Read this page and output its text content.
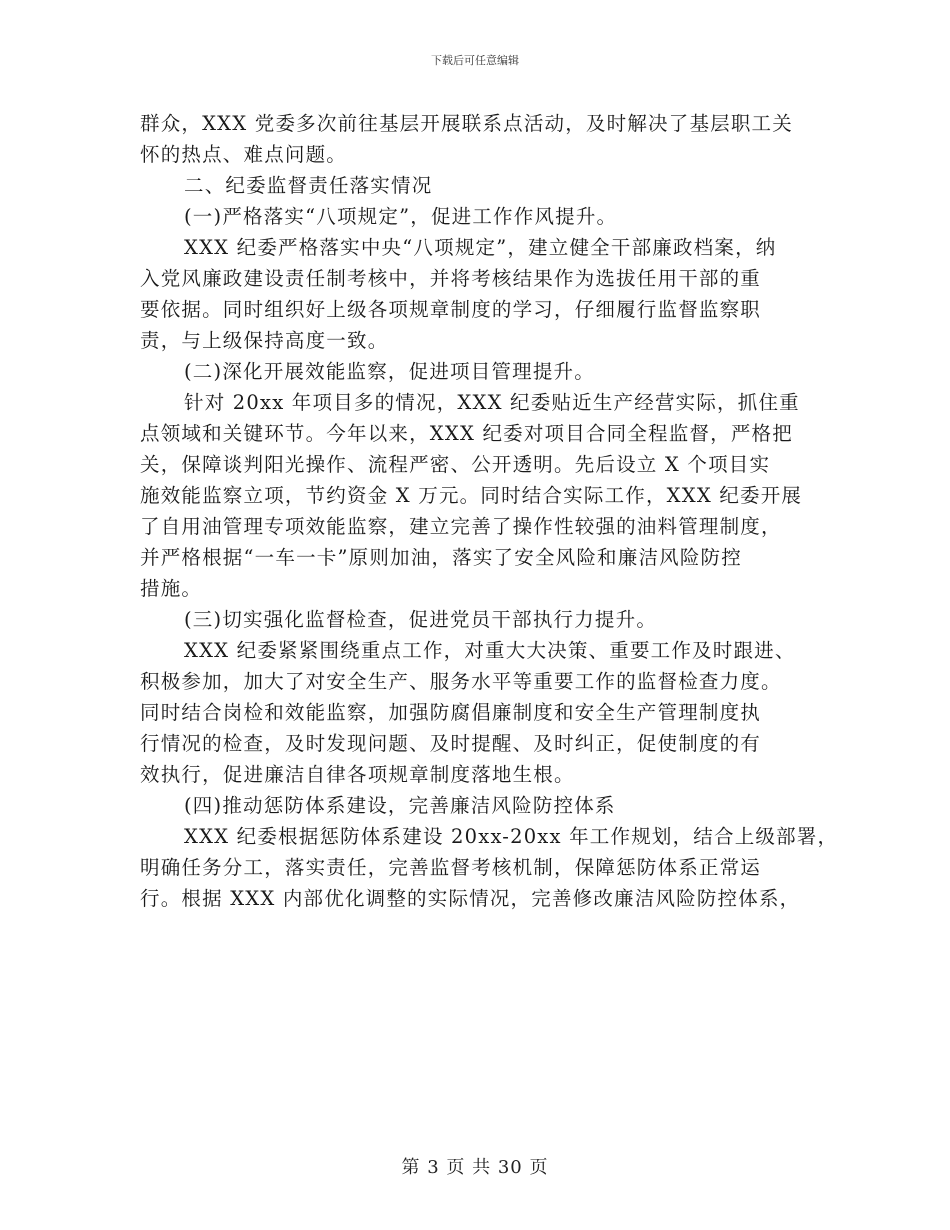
下载后可任意编辑
群众，XXX 党委多次前往基层开展联系点活动，及时解决了基层职工关
怀的热点、难点问题。
二、纪委监督责任落实情况
(一)严格落实“八项规定”，促进工作作风提升。
XXX 纪委严格落实中央“八项规定”，建立健全干部廉政档案，纳
入党风廉政建设责任制考核中，并将考核结果作为选拔任用干部的重
要依据。同时组织好上级各项规章制度的学习，仔细履行监督监察职
责，与上级保持高度一致。
(二)深化开展效能监察，促进项目管理提升。
针对 20xx 年项目多的情况，XXX 纪委贴近生产经营实际，抓住重
点领域和关键环节。今年以来，XXX 纪委对项目合同全程监督，严格把
关，保障谈判阳光操作、流程严密、公开透明。先后设立 X 个项目实
施效能监察立项，节约资金 X 万元。同时结合实际工作，XXX 纪委开展
了自用油管理专项效能监察，建立完善了操作性较强的油料管理制度，
并严格根据“一车一卡”原则加油，落实了安全风险和廉洁风险防控
措施。
(三)切实强化监督检查，促进党员干部执行力提升。
XXX 纪委紧紧围绕重点工作，对重大大决策、重要工作及时跟进、
积极参加，加大了对安全生产、服务水平等重要工作的监督检查力度。
同时结合岗检和效能监察，加强防腐倡廉制度和安全生产管理制度执
行情况的检查，及时发现问题、及时提醒、及时纠正，促使制度的有
效执行，促进廉洁自律各项规章制度落地生根。
(四)推动惩防体系建设，完善廉洁风险防控体系
XXX 纪委根据惩防体系建设 20xx-20xx 年工作规划，结合上级部署，
明确任务分工，落实责任，完善监督考核机制，保障惩防体系正常运
行。根据 XXX 内部优化调整的实际情况，完善修改廉洁风险防控体系，
第 3 页 共 30 页
